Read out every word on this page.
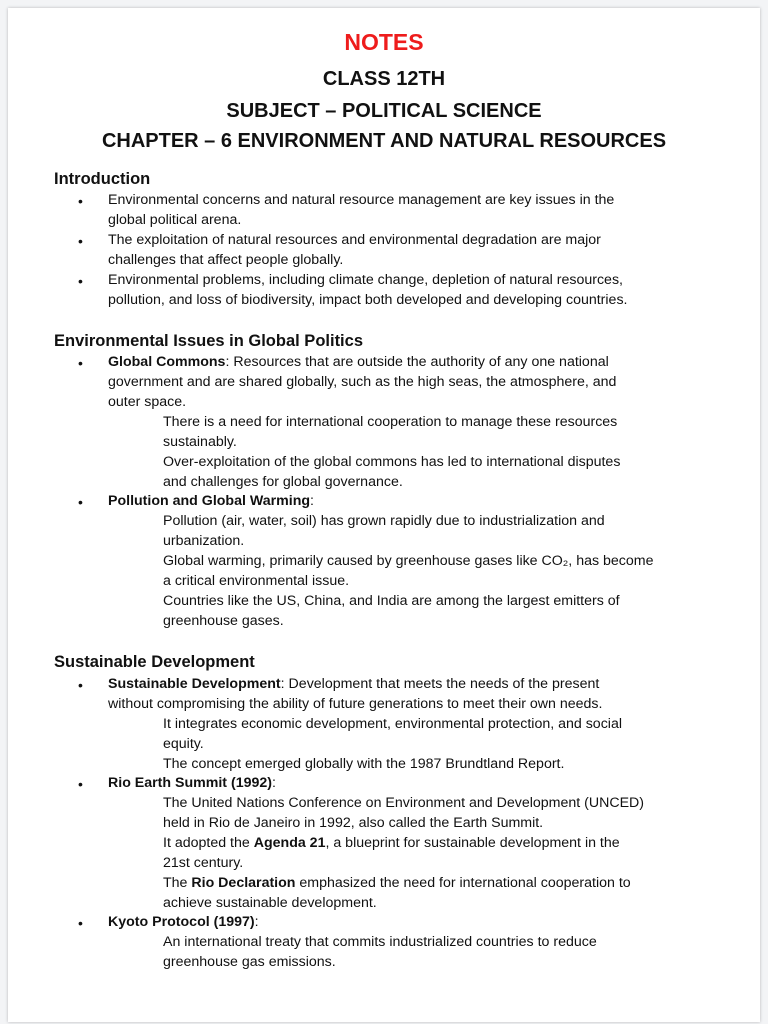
NOTES
CLASS 12TH
SUBJECT – POLITICAL SCIENCE
CHAPTER – 6 ENVIRONMENT AND NATURAL RESOURCES
Introduction
• Environmental concerns and natural resource management are key issues in the
global political arena.
• The exploitation of natural resources and environmental degradation are major
challenges that affect people globally.
• Environmental problems, including climate change, depletion of natural resources,
pollution, and loss of biodiversity, impact both developed and developing countries.
Environmental Issues in Global Politics
• Global Commons: Resources that are outside the authority of any one national
government and are shared globally, such as the high seas, the atmosphere, and
outer space.
There is a need for international cooperation to manage these resources
sustainably.
Over-exploitation of the global commons has led to international disputes
and challenges for global governance.
• Pollution and Global Warming:
Pollution (air, water, soil) has grown rapidly due to industrialization and
urbanization.
Global warming, primarily caused by greenhouse gases like CO₂, has become
a critical environmental issue.
Countries like the US, China, and India are among the largest emitters of
greenhouse gases.
Sustainable Development
• Sustainable Development: Development that meets the needs of the present
without compromising the ability of future generations to meet their own needs.
It integrates economic development, environmental protection, and social
equity.
The concept emerged globally with the 1987 Brundtland Report.
• Rio Earth Summit (1992):
The United Nations Conference on Environment and Development (UNCED)
held in Rio de Janeiro in 1992, also called the Earth Summit.
It adopted the Agenda 21, a blueprint for sustainable development in the
21st century.
The Rio Declaration emphasized the need for international cooperation to
achieve sustainable development.
• Kyoto Protocol (1997):
An international treaty that commits industrialized countries to reduce
greenhouse gas emissions.
